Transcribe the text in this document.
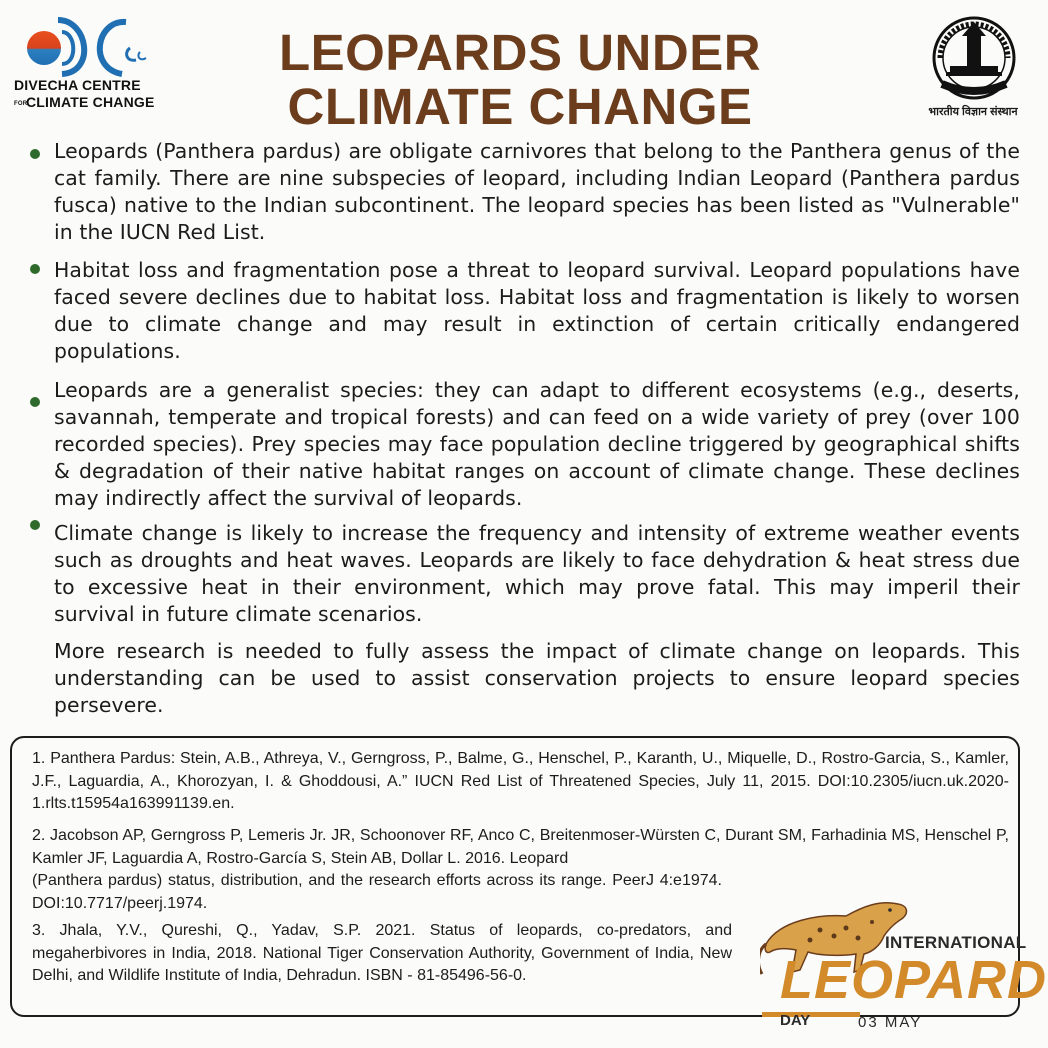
DIVECHA CENTRE
FOR
CLIMATE CHANGE
LEOPARDS UNDER CLIMATE CHANGE	भारतीय विज्ञान संस्थान
Leopards (Panthera pardus) are obligate carnivores that belong to the Panthera genus of the cat family. There are nine subspecies of leopard, including Indian Leopard (Panthera pardus fusca) native to the Indian subcontinent. The leopard species has been listed as "Vulnerable" in the IUCN Red List.
Habitat loss and fragmentation pose a threat to leopard survival. Leopard populations have faced severe declines due to habitat loss. Habitat loss and fragmentation is likely to worsen due to climate change and may result in extinction of certain critically endangered populations.
Leopards are a generalist species: they can adapt to different ecosystems (e.g., deserts, savannah, temperate and tropical forests) and can feed on a wide variety of prey (over 100 recorded species). Prey species may face population decline triggered by geographical shifts & degradation of their native habitat ranges on account of climate change. These declines may indirectly affect the survival of leopards.
Climate change is likely to increase the frequency and intensity of extreme weather events such as droughts and heat waves. Leopards are likely to face dehydration & heat stress due to excessive heat in their environment, which may prove fatal. This may imperil their survival in future climate scenarios.
More research is needed to fully assess the impact of climate change on leopards. This understanding can be used to assist conservation projects to ensure leopard species persevere.
1. Panthera Pardus: Stein, A.B., Athreya, V., Gerngross, P., Balme, G., Henschel, P., Karanth, U., Miquelle, D., Rostro-Garcia, S., Kamler, J.F., Laguardia, A., Khorozyan, I. & Ghoddousi, A.” IUCN Red List of Threatened Species, July 11, 2015. DOI:10.2305/iucn.uk.2020-1.rlts.t15954a163991139.en.
2. Jacobson AP, Gerngross P, Lemeris Jr. JR, Schoonover RF, Anco C, Breitenmoser-Würsten C, Durant SM, Farhadinia MS, Henschel P, Kamler JF, Laguardia A, Rostro-García S, Stein AB, Dollar L. 2016. Leopard
(Panthera pardus) status, distribution, and the research efforts across its range. PeerJ 4:e1974. DOI:10.7717/peerj.1974.
3. Jhala, Y.V., Qureshi, Q., Yadav, S.P. 2021. Status of leopards, co-predators, and megaherbivores in India, 2018. National Tiger Conservation Authority, Government of India, New Delhi, and Wildlife Institute of India, Dehradun. ISBN - 81-85496-56-0.
INTERNATIONAL
LEOPARD
DAY	03 MAY
